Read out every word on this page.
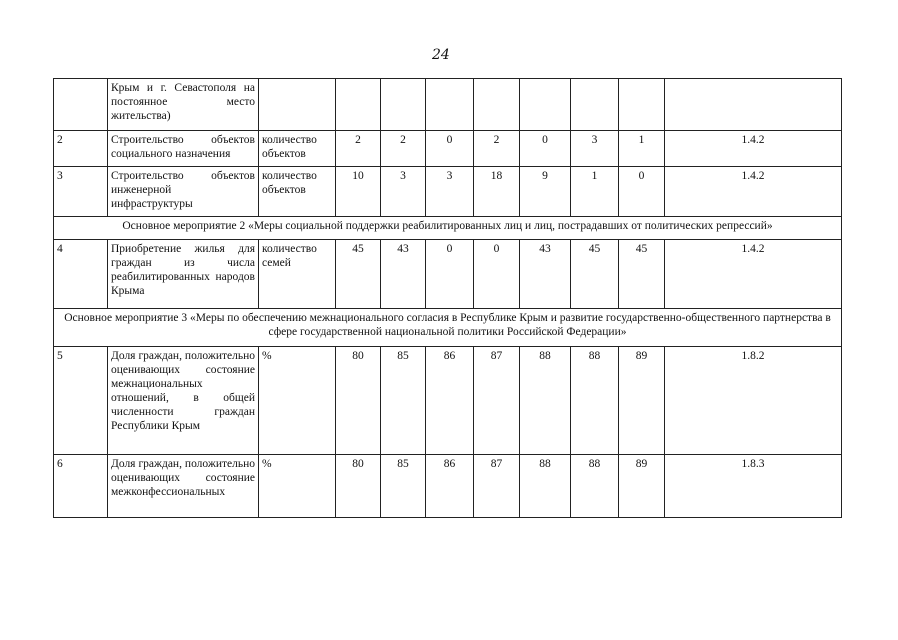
24
	Крым и г. Севастополя на постоянное место жительства)									
2	Строительство объектов социального назначения	количество объектов	2	2	0	2	0	3	1	1.4.2
3	Строительство объектов инженерной инфраструктуры	количество объектов	10	3	3	18	9	1	0	1.4.2
Основное мероприятие 2 «Меры социальной поддержки реабилитированных лиц и лиц, пострадавших от политических репрессий»										
4	Приобретение жилья для граждан из числа реабилитированных народов Крыма	количество семей	45	43	0	0	43	45	45	1.4.2
Основное мероприятие 3 «Меры по обеспечению межнационального согласия в Республике Крым и развитие государственно-общественного партнерства в сфере государственной национальной политики Российской Федерации»										
5	Доля граждан, положительно оценивающих состояние межнациональных отношений, в общей численности граждан Республики Крым	%	80	85	86	87	88	88	89	1.8.2
6	Доля граждан, положительно оценивающих состояние межконфессиональных	%	80	85	86	87	88	88	89	1.8.3
